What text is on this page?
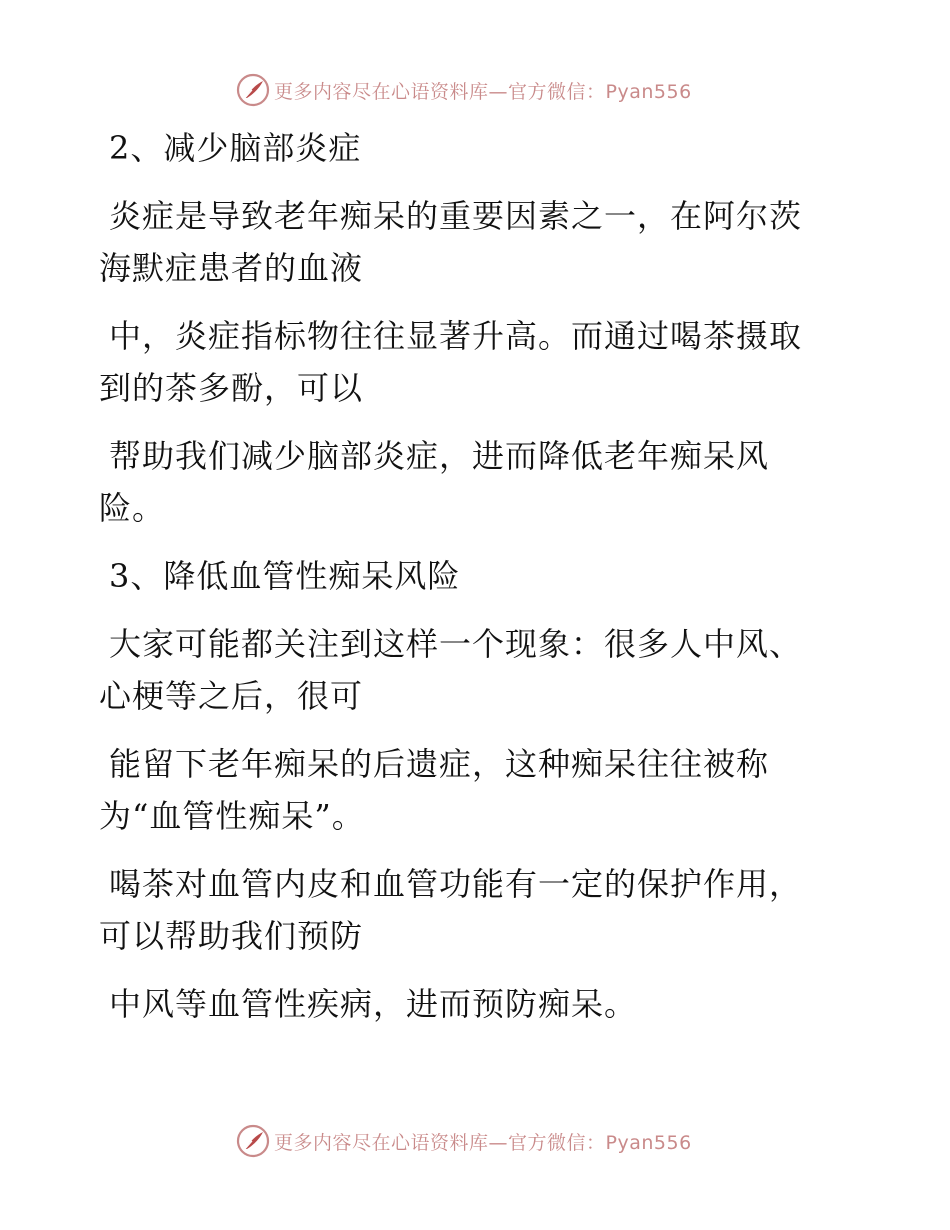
更多内容尽在心语资料库—官方微信：Pyan556
2、减少脑部炎症
炎症是导致老年痴呆的重要因素之一，在阿尔茨
海默症患者的血液
中，炎症指标物往往显著升高。而通过喝茶摄取
到的茶多酚，可以
帮助我们减少脑部炎症，进而降低老年痴呆风
险。
3、降低血管性痴呆风险
大家可能都关注到这样一个现象：很多人中风、
心梗等之后，很可
能留下老年痴呆的后遗症，这种痴呆往往被称
为“血管性痴呆”。
喝茶对血管内皮和血管功能有一定的保护作用，
可以帮助我们预防
中风等血管性疾病，进而预防痴呆。
更多内容尽在心语资料库—官方微信：Pyan556
